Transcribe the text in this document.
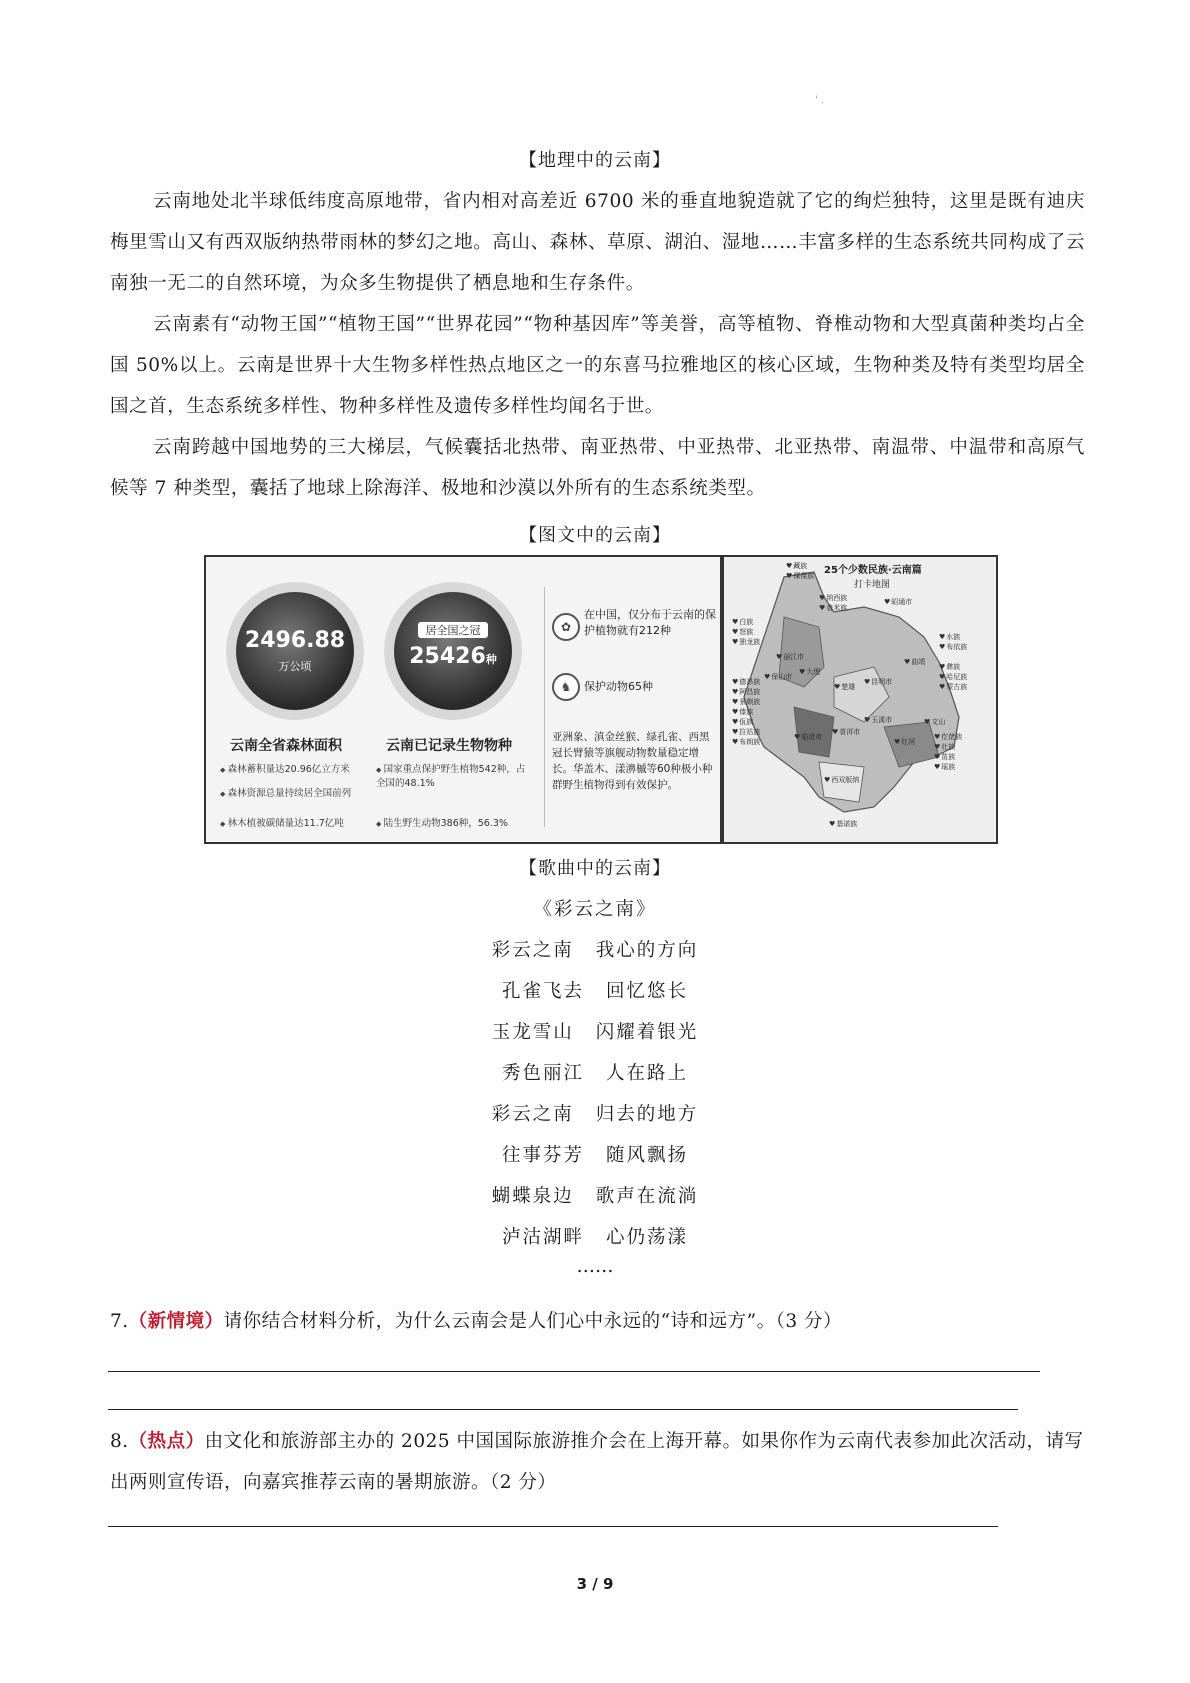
' .
【地理中的云南】
云南地处北半球低纬度高原地带，省内相对高差近 6700 米的垂直地貌造就了它的绚烂独特，这里是既有迪庆梅里雪山又有西双版纳热带雨林的梦幻之地。高山、森林、草原、湖泊、湿地……丰富多样的生态系统共同构成了云南独一无二的自然环境，为众多生物提供了栖息地和生存条件。
云南素有“动物王国”“植物王国”“世界花园”“物种基因库”等美誉，高等植物、脊椎动物和大型真菌种类均占全国 50%以上。云南是世界十大生物多样性热点地区之一的东喜马拉雅地区的核心区域，生物种类及特有类型均居全国之首，生态系统多样性、物种多样性及遗传多样性均闻名于世。
云南跨越中国地势的三大梯层，气候囊括北热带、南亚热带、中亚热带、北亚热带、南温带、中温带和高原气候等 7 种类型，囊括了地球上除海洋、极地和沙漠以外所有的生态系统类型。
【图文中的云南】
2496.88
万公顷
云南全省森林面积
◆ 森林蓄积量达20.96亿立方米
◆ 森林资源总量持续居全国前列
◆ 林木植被碳储量达11.7亿吨
居全国之冠
25426种
云南已记录生物物种
◆ 国家重点保护野生植物542种，占全国的48.1%
◆ 陆生野生动物386种，56.3%
✿
在中国，仅分布于云南的保护植物就有212种
♞	保护动物65种
亚洲象、滇金丝猴、绿孔雀、西黑冠长臂猿等旗舰动物数量稳定增长。华盖木、漾濞槭等60种极小种群野生植物得到有效保护。
25个少数民族·云南篇
打卡地图
♥ 藏族
♥ 傈僳族
♥ 纳西族
♥ 普米族
♥ 白族
♥ 怒族
♥ 独龙族
♥ 水族
♥ 布依族
♥ 彝族
♥ 哈尼族
♥ 蒙古族
♥ 傣族
♥ 佤族
♥ 拉祜族
♥ 布朗族
♥ 德昂族
♥ 阿昌族
♥ 景颇族
♥ 壮族
♥ 苗族
♥ 瑶族
♥ 仡佬族
♥ 基诺族
♥ 丽江市
♥ 昭通市
♥ 大理
♥ 楚雄
♥ 昆明市
♥ 曲靖
♥ 保山市
♥ 临沧市
♥ 普洱市
♥ 玉溪市
♥ 红河
♥ 文山
♥ 西双版纳
【歌曲中的云南】
《彩云之南》
彩云之南 我心的方向
孔雀飞去 回忆悠长
玉龙雪山 闪耀着银光
秀色丽江 人在路上
彩云之南 归去的地方
往事芬芳 随风飘扬
蝴蝶泉边 歌声在流淌
泸沽湖畔 心仍荡漾
……
7.（新情境）请你结合材料分析，为什么云南会是人们心中永远的“诗和远方”。（3 分）
8.（热点）由文化和旅游部主办的 2025 中国国际旅游推介会在上海开幕。如果你作为云南代表参加此次活动，请写出两则宣传语，向嘉宾推荐云南的暑期旅游。（2 分）
3 / 9
